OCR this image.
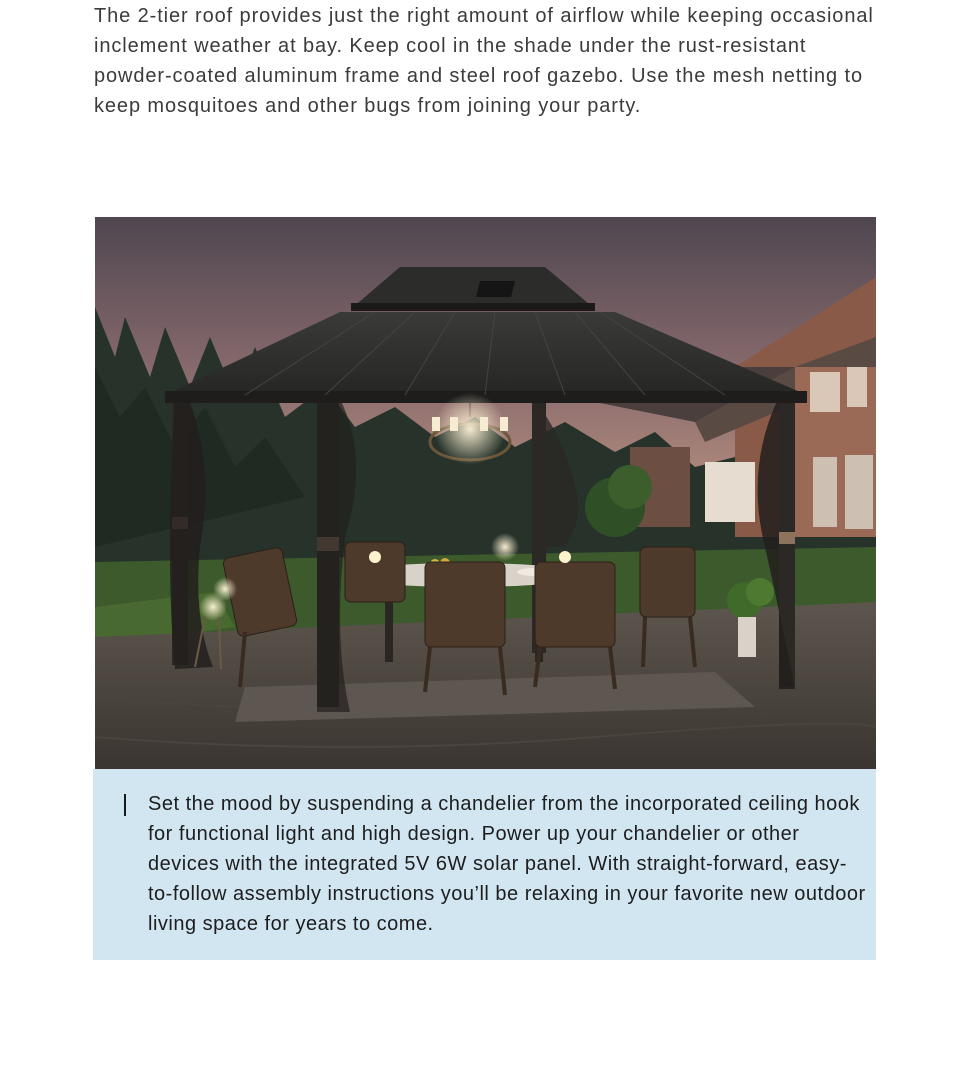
The 2-tier roof provides just the right amount of airflow while keeping occasional inclement weather at bay. Keep cool in the shade under the rust-resistant powder-coated aluminum frame and steel roof gazebo. Use the mesh netting to keep mosquitoes and other bugs from joining your party.

Set the mood by suspending a chandelier from the incorporated ceiling hook for functional light and high design. Power up your chandelier or other devices with the integrated 5V 6W solar panel. With straight-forward, easy-to-follow assembly instructions you’ll be relaxing in your favorite new outdoor living space for years to come.
